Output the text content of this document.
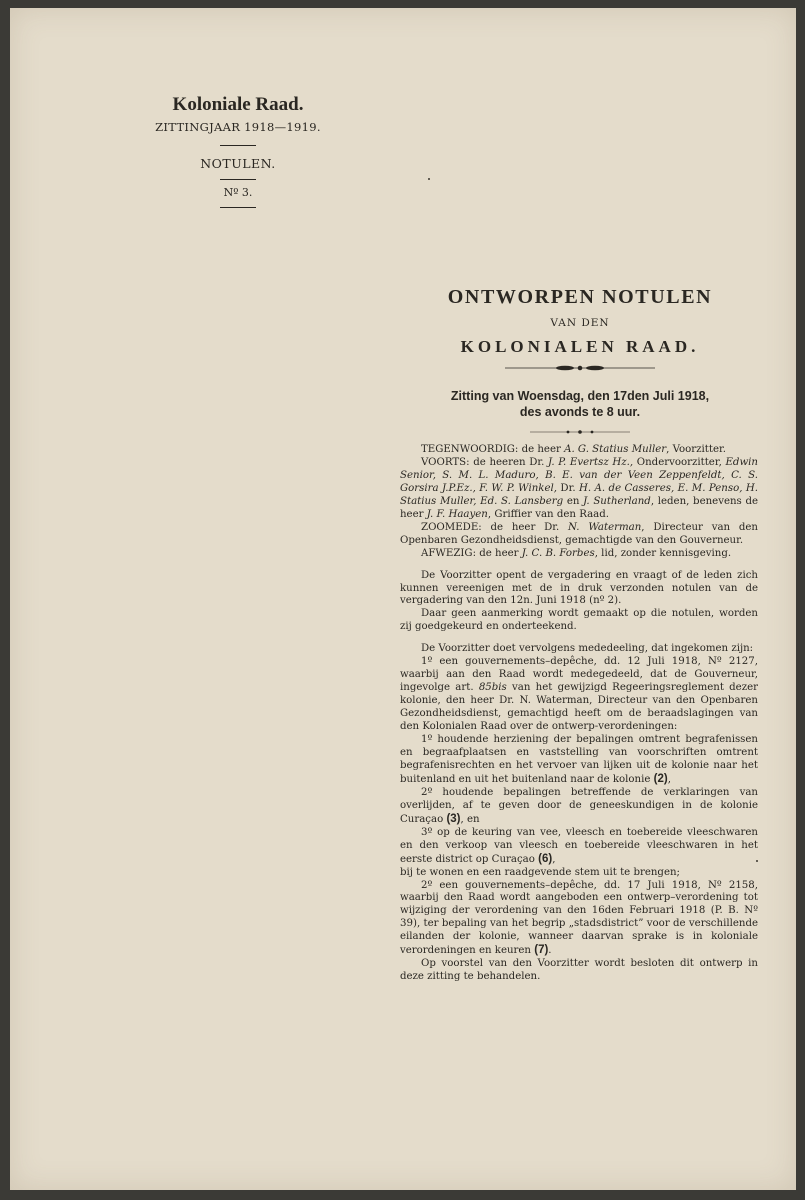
Koloniale Raad.

ZITTINGJAAR 1918—1919.

NOTULEN.

Nº 3.

ONTWORPEN NOTULEN

VAN DEN

KOLONIALEN RAAD.

Zitting van Woensdag, den 17den Juli 1918,
des avonds te 8 uur.

TEGENWOORDIG: de heer A. G. Statius Muller, Voorzitter.

VOORTS: de heeren Dr. J. P. Evertsz Hz., Ondervoorzitter, Edwin Senior, S. M. L. Maduro, B. E. van der Veen Zeppenfeldt, C. S. Gorsira J.P.Ez., F. W. P. Winkel, Dr. H. A. de Casseres, E. M. Penso, H. Statius Muller, Ed. S. Lansberg en J. Sutherland, leden, benevens de heer J. F. Haayen, Griffier van den Raad.

ZOOMEDE: de heer Dr. N. Waterman, Directeur van den Openbaren Gezondheidsdienst, gemachtigde van den Gouverneur.

AFWEZIG: de heer J. C. B. Forbes, lid, zonder kennisgeving.

De Voorzitter opent de vergadering en vraagt of de leden zich kunnen vereenigen met de in druk verzonden notulen van de vergadering van den 12n. Juni 1918 (nº 2).

Daar geen aanmerking wordt gemaakt op die notulen, worden zij goedgekeurd en onderteekend.

De Voorzitter doet vervolgens mededeeling, dat ingekomen zijn:

1º een gouvernements–depêche, dd. 12 Juli 1918, Nº 2127, waarbij aan den Raad wordt medegedeeld, dat de Gouverneur, ingevolge art. 85bis van het gewijzigd Regeeringsreglement dezer kolonie, den heer Dr. N. Waterman, Directeur van den Openbaren Gezondheidsdienst, gemachtigd heeft om de beraadslagingen van den Kolonialen Raad over de ontwerp-verordeningen:

1º houdende herziening der bepalingen omtrent begrafenissen en begraafplaatsen en vaststelling van voorschriften omtrent begrafenisrechten en het vervoer van lijken uit de kolonie naar het buitenland en uit het buitenland naar de kolonie (2),

2º houdende bepalingen betreffende de verklaringen van overlijden, af te geven door de geneeskundigen in de kolonie Curaçao (3), en

3º op de keuring van vee, vleesch en toebereide vleeschwaren en den verkoop van vleesch en toebereide vleeschwaren in het eerste district op Curaçao (6),

bij te wonen en een raadgevende stem uit te brengen;

2º een gouvernements–depêche, dd. 17 Juli 1918, Nº 2158, waarbij den Raad wordt aangeboden een ontwerp–verordening tot wijziging der verordening van den 16den Februari 1918 (P. B. Nº 39), ter bepaling van het begrip „stadsdistrict” voor de verschillende eilanden der kolonie, wanneer daarvan sprake is in koloniale verordeningen en keuren (7).

Op voorstel van den Voorzitter wordt besloten dit ontwerp in deze zitting te behandelen.
